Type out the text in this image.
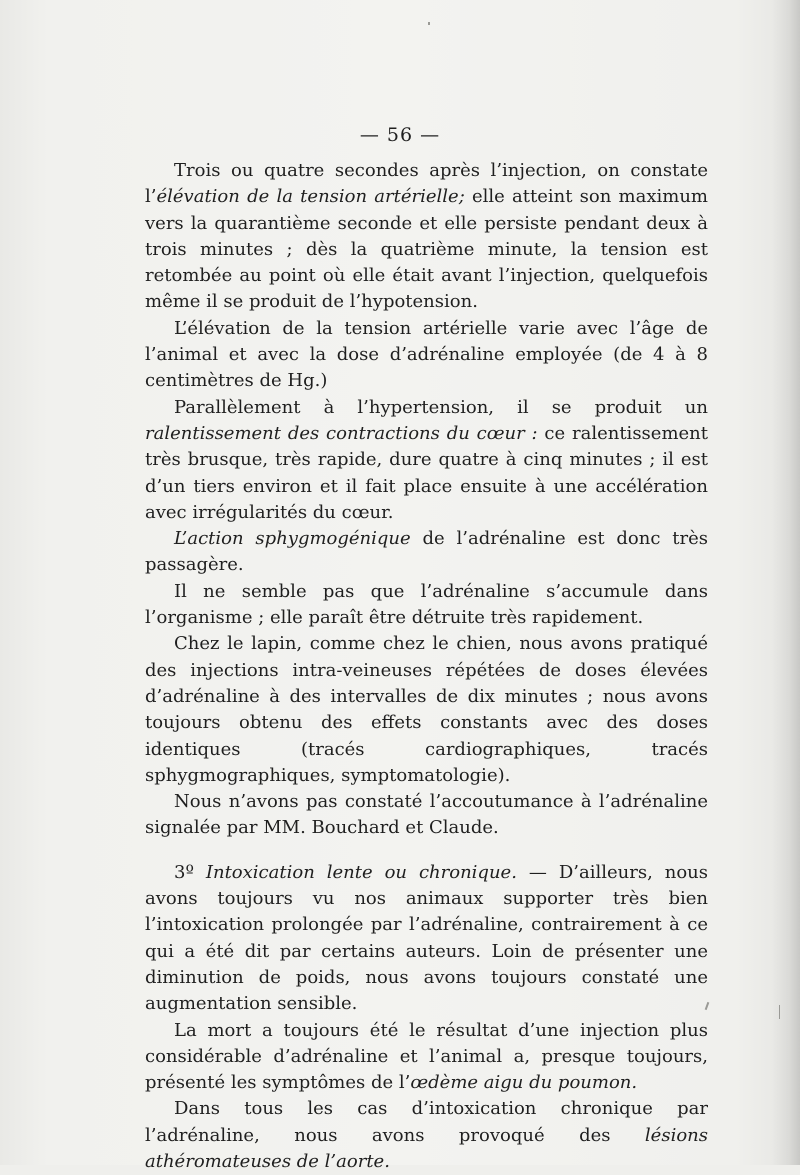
— 56 —

Trois ou quatre secondes après l’injection, on constate l’élévation de la tension artérielle; elle atteint son maximum vers la quarantième seconde et elle persiste pendant deux à trois minutes ; dès la quatrième minute, la tension est retombée au point où elle était avant l’injection, quelquefois même il se produit de l’hypotension.

L’élévation de la tension artérielle varie avec l’âge de l’animal et avec la dose d’adrénaline employée (de 4 à 8 centimètres de Hg.)

Parallèlement à l’hypertension, il se produit un ralentissement des contractions du cœur : ce ralentissement très brusque, très rapide, dure quatre à cinq minutes ; il est d’un tiers environ et il fait place ensuite à une accélération avec irrégularités du cœur.

L’action sphygmogénique de l’adrénaline est donc très passagère.

Il ne semble pas que l’adrénaline s’accumule dans l’organisme ; elle paraît être détruite très rapidement.

Chez le lapin, comme chez le chien, nous avons pratiqué des injections intra-veineuses répétées de doses élevées d’adrénaline à des intervalles de dix minutes ; nous avons toujours obtenu des effets constants avec des doses identiques (tracés cardiographiques, tracés sphygmographiques, symptomatologie).

Nous n’avons pas constaté l’accoutumance à l’adrénaline signalée par MM. Bouchard et Claude.

3º Intoxication lente ou chronique. — D’ailleurs, nous avons toujours vu nos animaux supporter très bien l’intoxication prolongée par l’adrénaline, contrairement à ce qui a été dit par certains auteurs. Loin de présenter une diminution de poids, nous avons toujours constaté une augmentation sensible.

La mort a toujours été le résultat d’une injection plus considérable d’adrénaline et l’animal a, presque toujours, présenté les symptômes de l’œdème aigu du poumon.

Dans tous les cas d’intoxication chronique par l’adrénaline, nous avons provoqué des lésions athéromateuses de l’aorte.
